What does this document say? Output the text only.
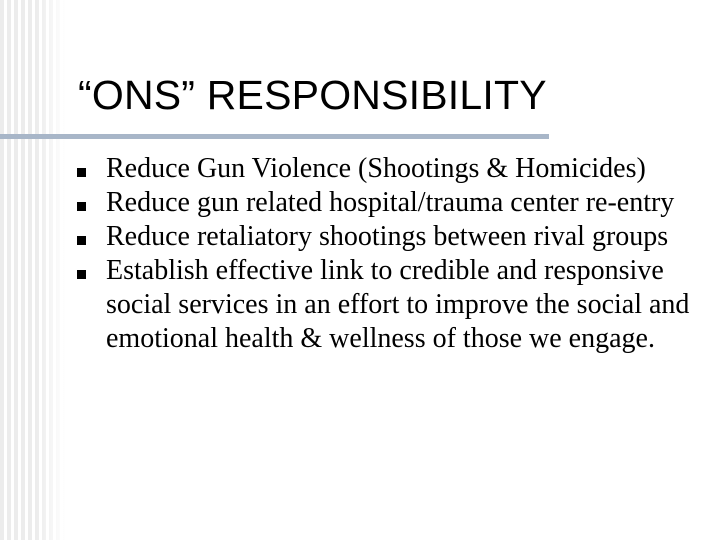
“ONS” RESPONSIBILITY
Reduce Gun Violence (Shootings & Homicides)
Reduce gun related hospital/trauma center re-entry
Reduce retaliatory shootings between rival groups
Establish effective link to credible and responsive social services in an effort to improve the social and emotional health & wellness of those we engage.
